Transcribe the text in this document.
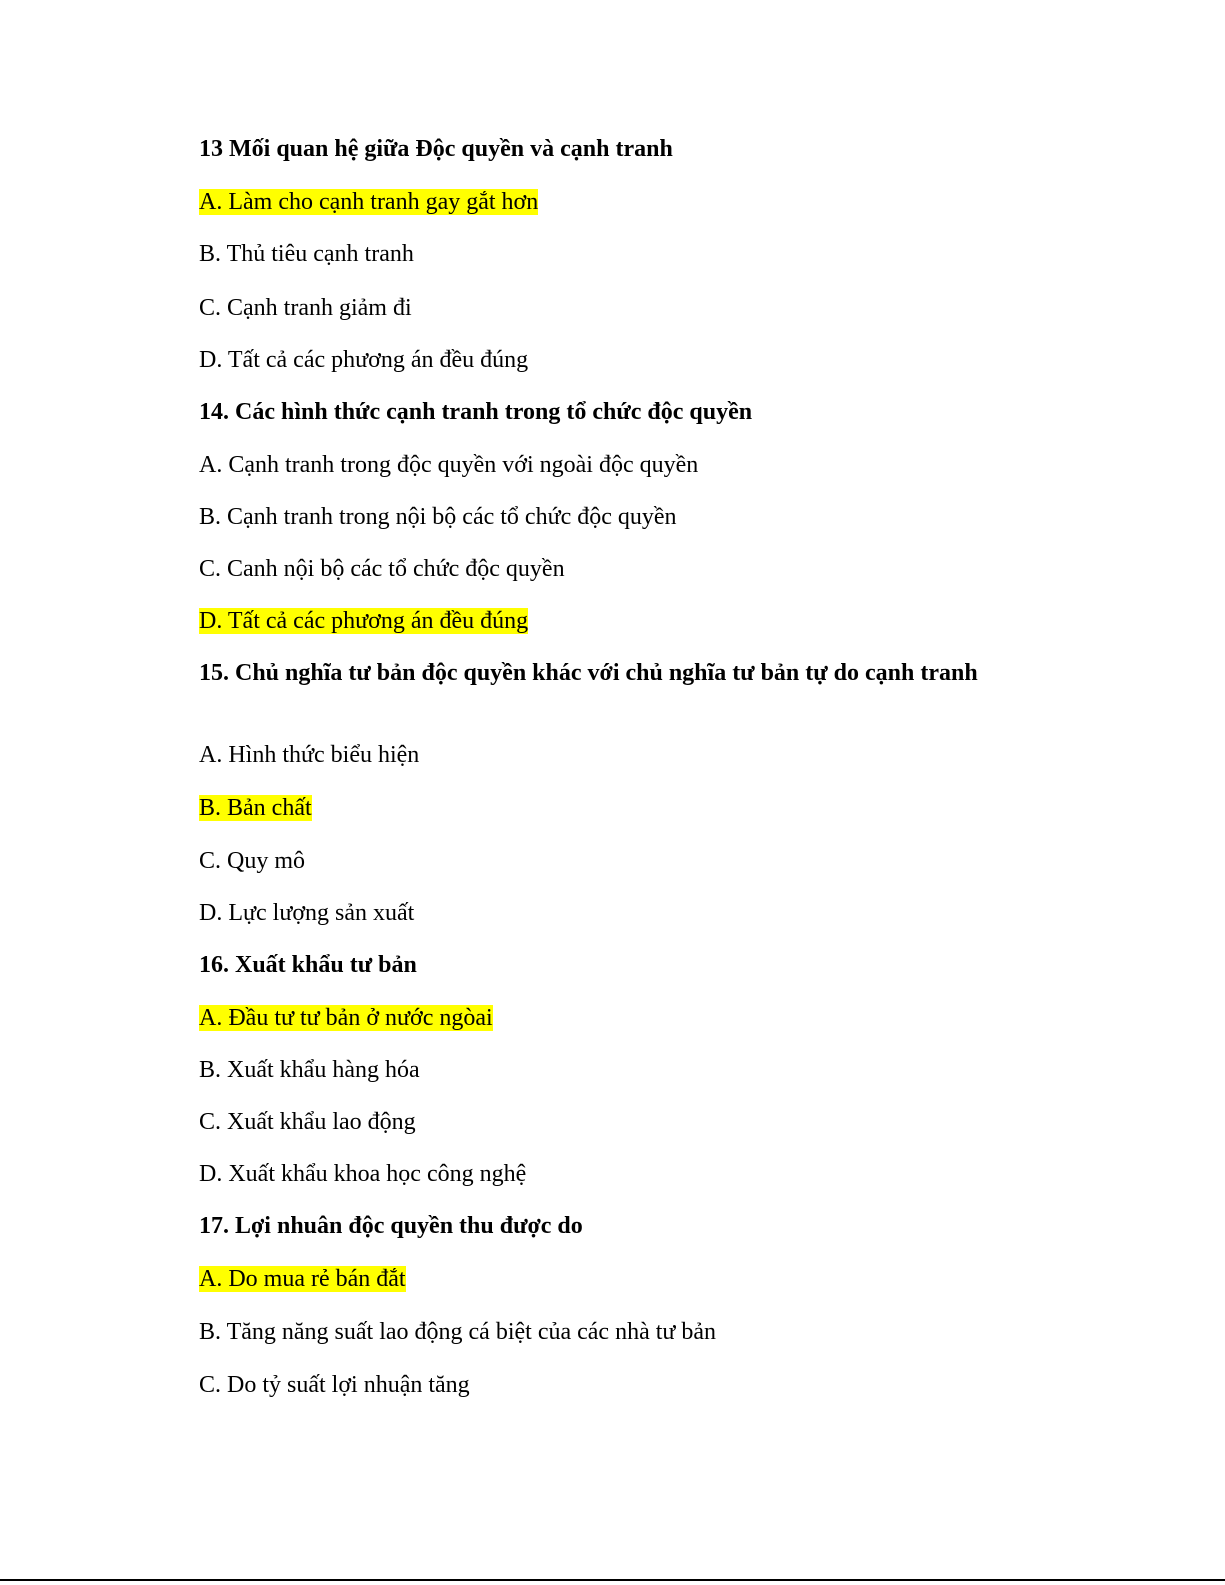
13 Mối quan hệ giữa Độc quyền và cạnh tranh
A. Làm cho cạnh tranh gay gắt hơn
B. Thủ tiêu cạnh tranh
C. Cạnh tranh giảm đi
D. Tất cả các phương án đều đúng
14. Các hình thức cạnh tranh trong tổ chức độc quyền
A. Cạnh tranh trong độc quyền với ngoài độc quyền
B. Cạnh tranh trong nội bộ các tổ chức độc quyền
C. Canh nội bộ các tổ chức độc quyền
D. Tất cả các phương án đều đúng
15. Chủ nghĩa tư bản độc quyền khác với chủ nghĩa tư bản tự do cạnh tranh
A. Hình thức biểu hiện
B. Bản chất
C. Quy mô
D. Lực lượng sản xuất
16. Xuất khẩu tư bản
A. Đầu tư tư bản ở nước ngòai
B. Xuất khẩu hàng hóa
C. Xuất khẩu lao động
D. Xuất khẩu khoa học công nghệ
17. Lợi nhuân độc quyền thu được do
A. Do mua rẻ bán đắt
B. Tăng năng suất lao động cá biệt của các nhà tư bản
C. Do tỷ suất lợi nhuận tăng
